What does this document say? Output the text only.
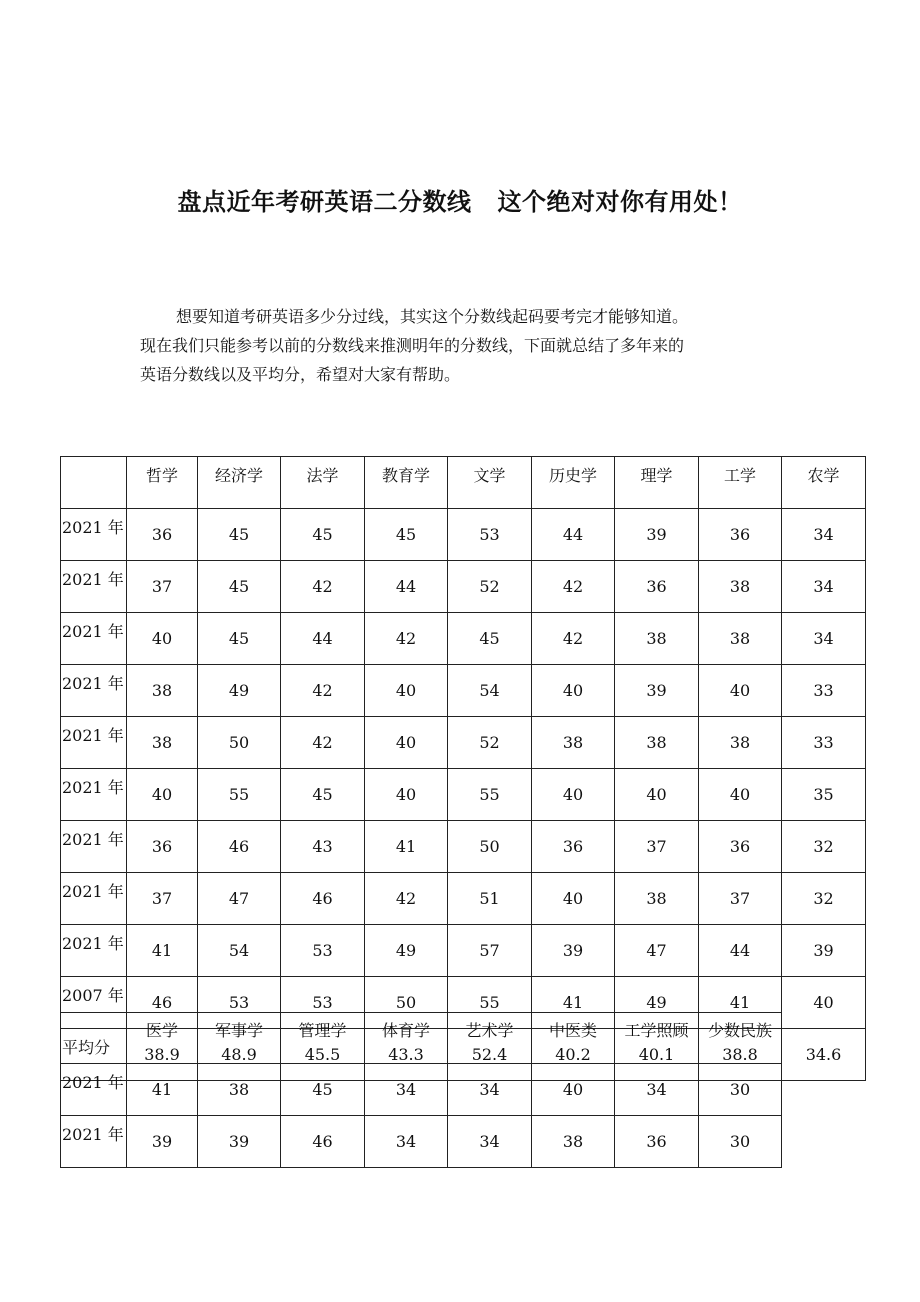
盘点近年考研英语二分数线 这个绝对对你有用处！
想要知道考研英语多少分过线，其实这个分数线起码要考完才能够知道。
现在我们只能参考以前的分数线来推测明年的分数线，下面就总结了多年来的
英语分数线以及平均分，希望对大家有帮助。
	哲学	经济学	法学	教育学	文学	历史学	理学	工学	农学
2021 年	36	45	45	45	53	44	39	36	34
2021 年	37	45	42	44	52	42	36	38	34
2021 年	40	45	44	42	45	42	38	38	34
2021 年	38	49	42	40	54	40	39	40	33
2021 年	38	50	42	40	52	38	38	38	33
2021 年	40	55	45	40	55	40	40	40	35
2021 年	36	46	43	41	50	36	37	36	32
2021 年	37	47	46	42	51	40	38	37	32
2021 年	41	54	53	49	57	39	47	44	39
2007 年	46	53	53	50	55	41	49	41	40
平均分	38.9	48.9	45.5	43.3	52.4	40.2	40.1	38.8	34.6
	医学	军事学	管理学	体育学	艺术学	中医类	工学照顾	少数民族
2021 年	41	38	45	34	34	40	34	30
2021 年	39	39	46	34	34	38	36	30
